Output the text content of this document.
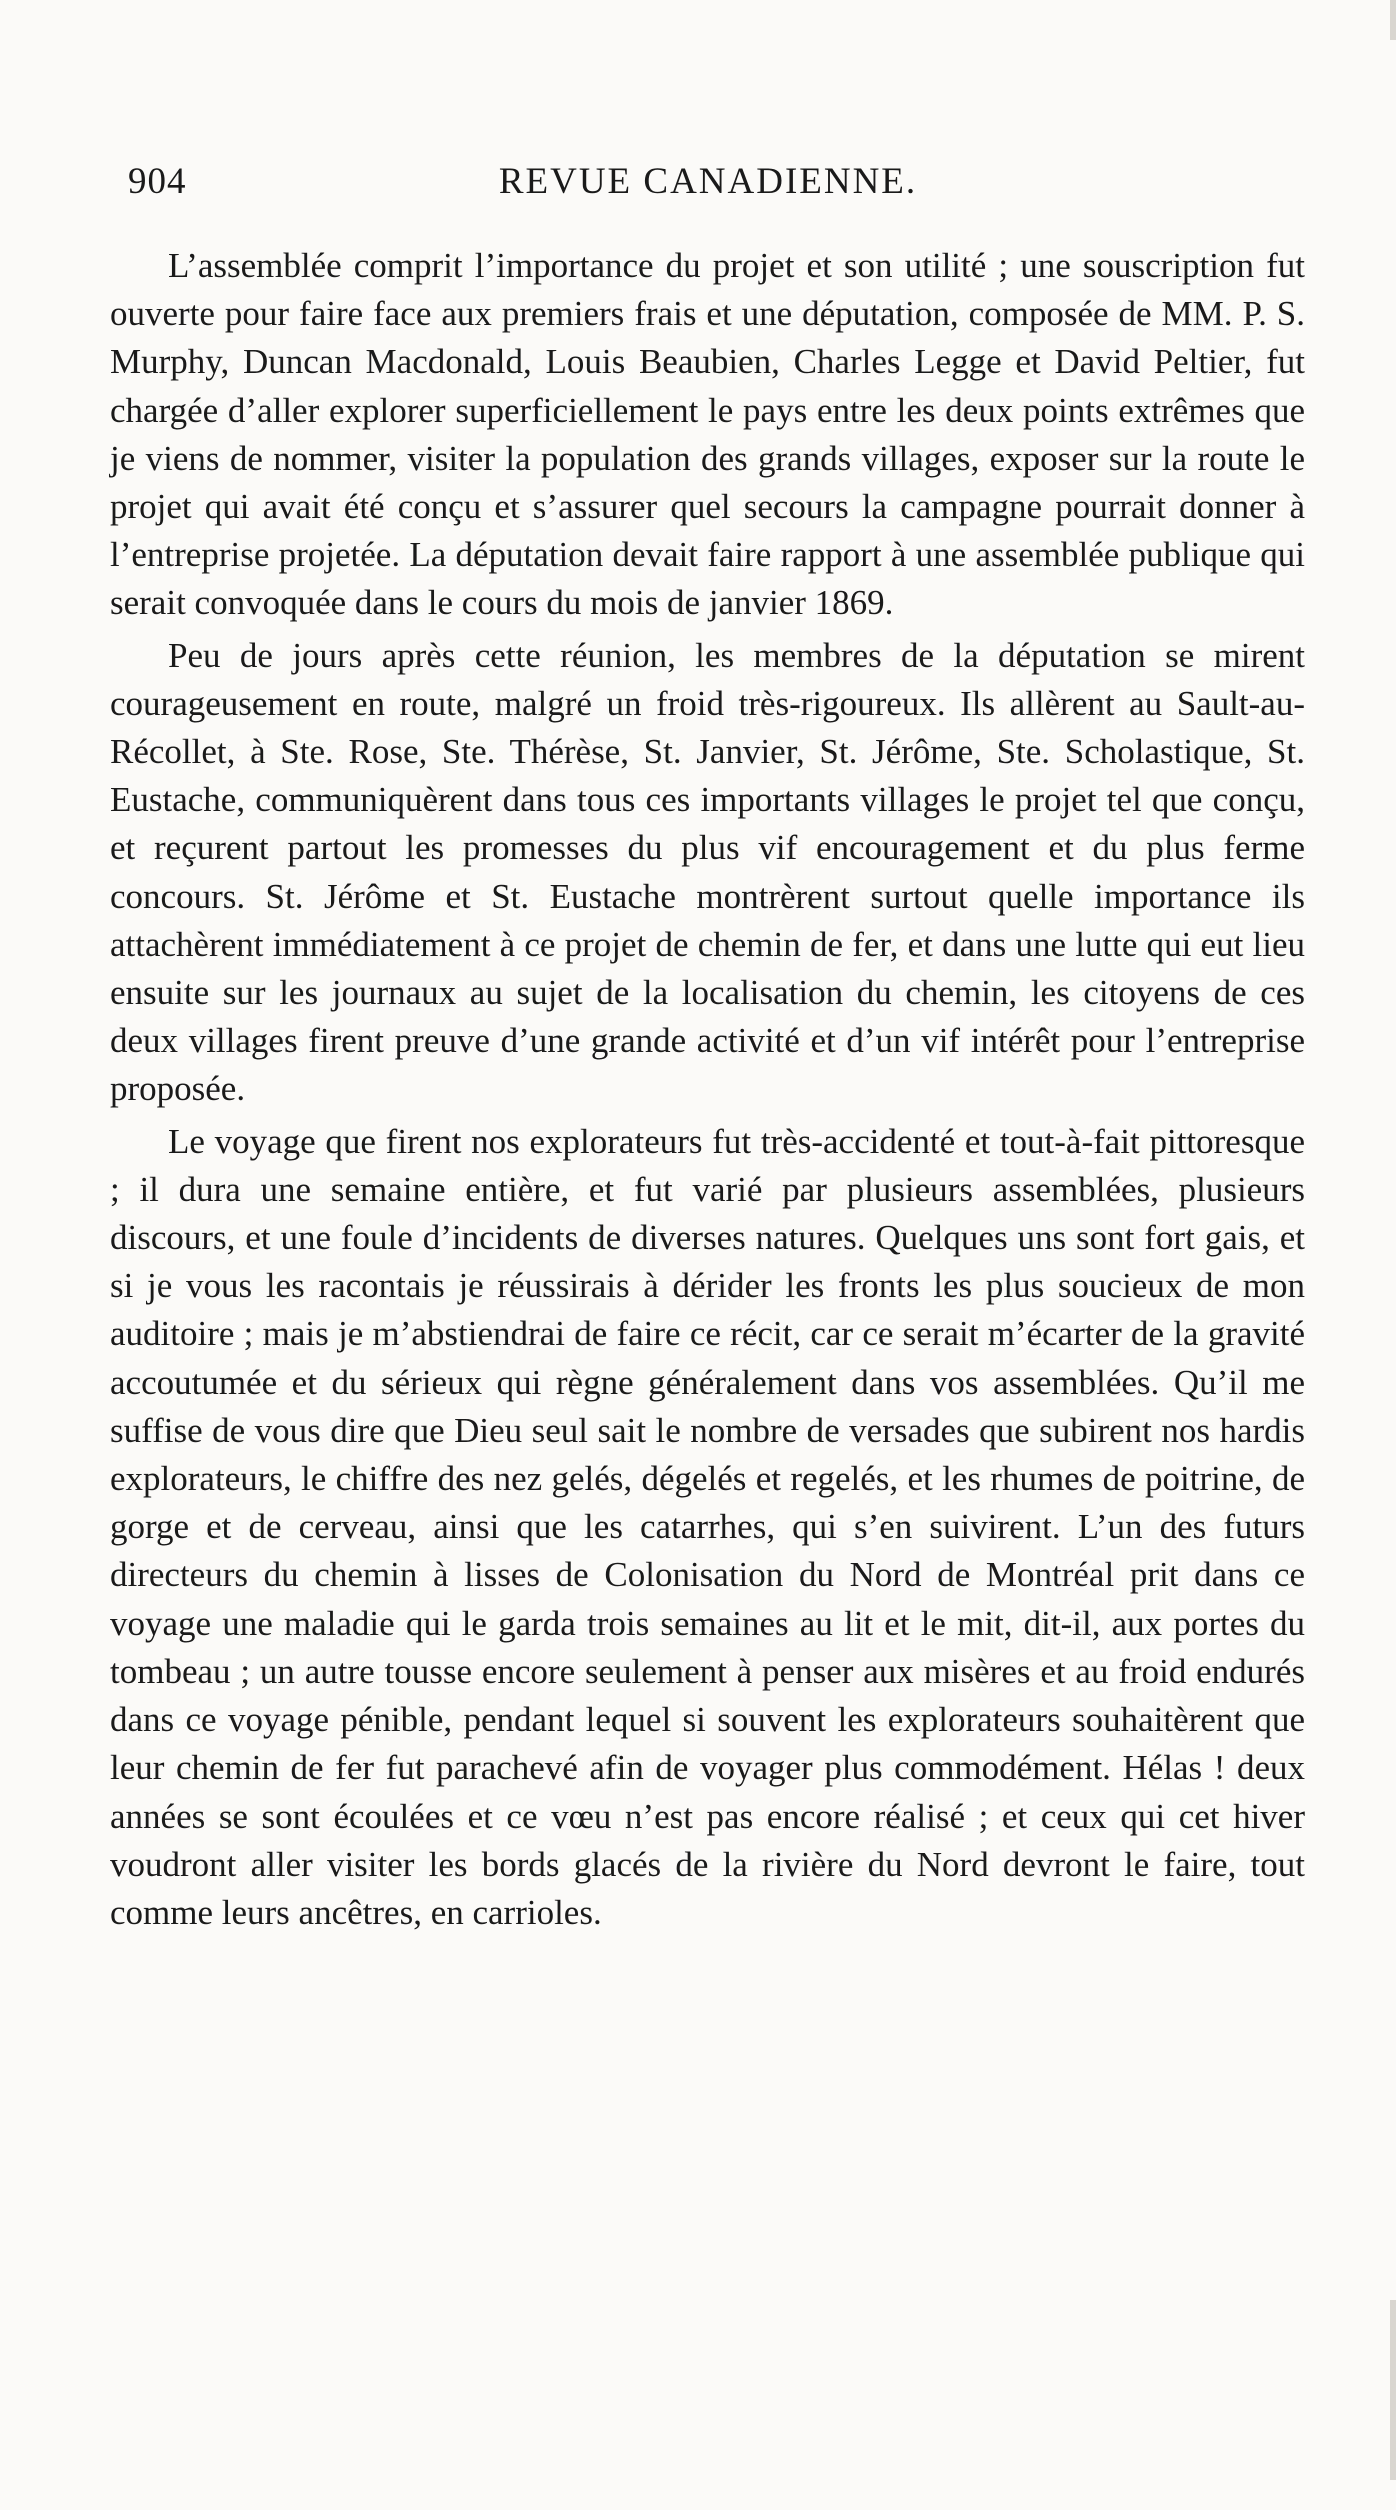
904	REVUE CANADIENNE.

L’assemblée comprit l’importance du projet et son utilité ; une souscription fut ouverte pour faire face aux premiers frais et une députation, composée de MM. P. S. Murphy, Duncan Macdonald, Louis Beaubien, Charles Legge et David Peltier, fut chargée d’aller explorer superficiellement le pays entre les deux points extrêmes que je viens de nommer, visiter la population des grands villages, exposer sur la route le projet qui avait été conçu et s’assurer quel secours la campagne pourrait donner à l’entreprise projetée. La députation devait faire rapport à une assemblée publique qui serait convoquée dans le cours du mois de janvier 1869.

Peu de jours après cette réunion, les membres de la députation se mirent courageusement en route, malgré un froid très-rigoureux. Ils allèrent au Sault-au-Récollet, à Ste. Rose, Ste. Thérèse, St. Janvier, St. Jérôme, Ste. Scholastique, St. Eustache, communiquèrent dans tous ces importants villages le projet tel que conçu, et reçurent partout les promesses du plus vif encouragement et du plus ferme concours. St. Jérôme et St. Eustache montrèrent surtout quelle importance ils attachèrent immédiatement à ce projet de chemin de fer, et dans une lutte qui eut lieu ensuite sur les journaux au sujet de la localisation du chemin, les citoyens de ces deux villages firent preuve d’une grande activité et d’un vif intérêt pour l’entreprise proposée.

Le voyage que firent nos explorateurs fut très-accidenté et tout-à-fait pittoresque ; il dura une semaine entière, et fut varié par plusieurs assemblées, plusieurs discours, et une foule d’incidents de diverses natures. Quelques uns sont fort gais, et si je vous les racontais je réussirais à dérider les fronts les plus soucieux de mon auditoire ; mais je m’abstiendrai de faire ce récit, car ce serait m’écarter de la gravité accoutumée et du sérieux qui règne généralement dans vos assemblées. Qu’il me suffise de vous dire que Dieu seul sait le nombre de versades que subirent nos hardis explorateurs, le chiffre des nez gelés, dégelés et regelés, et les rhumes de poitrine, de gorge et de cerveau, ainsi que les catarrhes, qui s’en suivirent. L’un des futurs directeurs du chemin à lisses de Colonisation du Nord de Montréal prit dans ce voyage une maladie qui le garda trois semaines au lit et le mit, dit-il, aux portes du tombeau ; un autre tousse encore seulement à penser aux misères et au froid endurés dans ce voyage pénible, pendant lequel si souvent les explorateurs souhaitèrent que leur chemin de fer fut parachevé afin de voyager plus commodément. Hélas ! deux années se sont écoulées et ce vœu n’est pas encore réalisé ; et ceux qui cet hiver voudront aller visiter les bords glacés de la rivière du Nord devront le faire, tout comme leurs ancêtres, en carrioles.
